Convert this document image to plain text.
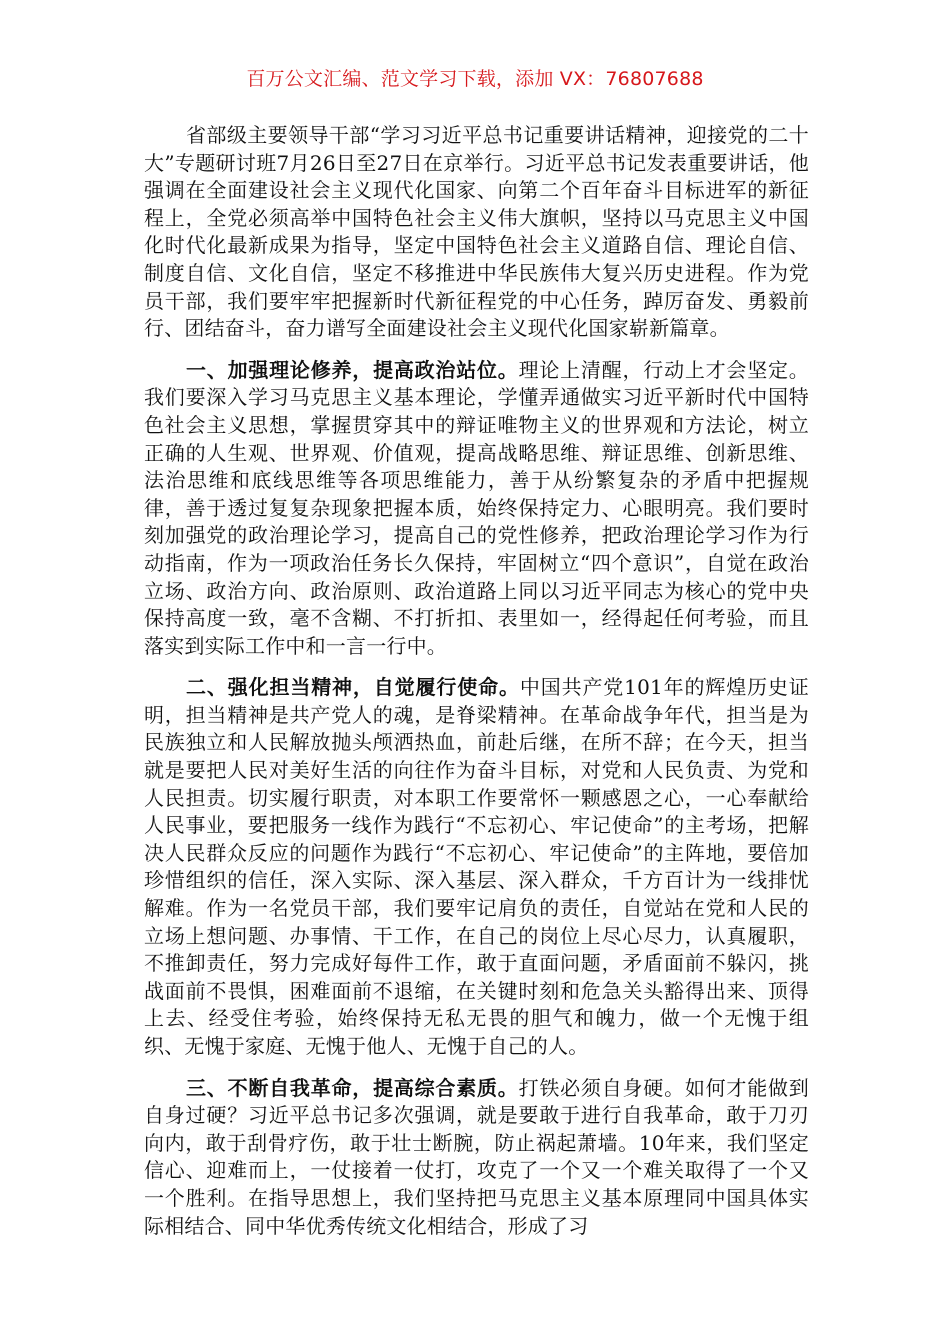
百万公文汇编、范文学习下载，添加 VX：76807688

省部级主要领导干部“学习习近平总书记重要讲话精神，迎接党的二十大”专题研讨班7月26日至27日在京举行。习近平总书记发表重要讲话，他强调在全面建设社会主义现代化国家、向第二个百年奋斗目标进军的新征程上，全党必须高举中国特色社会主义伟大旗帜，坚持以马克思主义中国化时代化最新成果为指导，坚定中国特色社会主义道路自信、理论自信、制度自信、文化自信，坚定不移推进中华民族伟大复兴历史进程。作为党员干部，我们要牢牢把握新时代新征程党的中心任务，踔厉奋发、勇毅前行、团结奋斗，奋力谱写全面建设社会主义现代化国家崭新篇章。

一、加强理论修养，提高政治站位。理论上清醒，行动上才会坚定。我们要深入学习马克思主义基本理论，学懂弄通做实习近平新时代中国特色社会主义思想，掌握贯穿其中的辩证唯物主义的世界观和方法论，树立正确的人生观、世界观、价值观，提高战略思维、辩证思维、创新思维、法治思维和底线思维等各项思维能力，善于从纷繁复杂的矛盾中把握规律，善于透过复复杂现象把握本质，始终保持定力、心眼明亮。我们要时刻加强党的政治理论学习，提高自己的党性修养，把政治理论学习作为行动指南，作为一项政治任务长久保持，牢固树立“四个意识”，自觉在政治立场、政治方向、政治原则、政治道路上同以习近平同志为核心的党中央保持高度一致，毫不含糊、不打折扣、表里如一，经得起任何考验，而且落实到实际工作中和一言一行中。

二、强化担当精神，自觉履行使命。中国共产党101年的辉煌历史证明，担当精神是共产党人的魂，是脊梁精神。在革命战争年代，担当是为民族独立和人民解放抛头颅洒热血，前赴后继，在所不辞；在今天，担当就是要把人民对美好生活的向往作为奋斗目标，对党和人民负责、为党和人民担责。切实履行职责，对本职工作要常怀一颗感恩之心，一心奉献给人民事业，要把服务一线作为践行“不忘初心、牢记使命”的主考场，把解决人民群众反应的问题作为践行“不忘初心、牢记使命”的主阵地，要倍加珍惜组织的信任，深入实际、深入基层、深入群众，千方百计为一线排忧解难。作为一名党员干部，我们要牢记肩负的责任，自觉站在党和人民的立场上想问题、办事情、干工作，在自己的岗位上尽心尽力，认真履职，不推卸责任，努力完成好每件工作，敢于直面问题，矛盾面前不躲闪，挑战面前不畏惧，困难面前不退缩，在关键时刻和危急关头豁得出来、顶得上去、经受住考验，始终保持无私无畏的胆气和魄力，做一个无愧于组织、无愧于家庭、无愧于他人、无愧于自己的人。

三、不断自我革命，提高综合素质。打铁必须自身硬。如何才能做到自身过硬？习近平总书记多次强调，就是要敢于进行自我革命，敢于刀刃向内，敢于刮骨疗伤，敢于壮士断腕，防止祸起萧墙。10年来，我们坚定信心、迎难而上，一仗接着一仗打，攻克了一个又一个难关取得了一个又一个胜利。在指导思想上，我们坚持把马克思主义基本原理同中国具体实际相结合、同中华优秀传统文化相结合，形成了习
